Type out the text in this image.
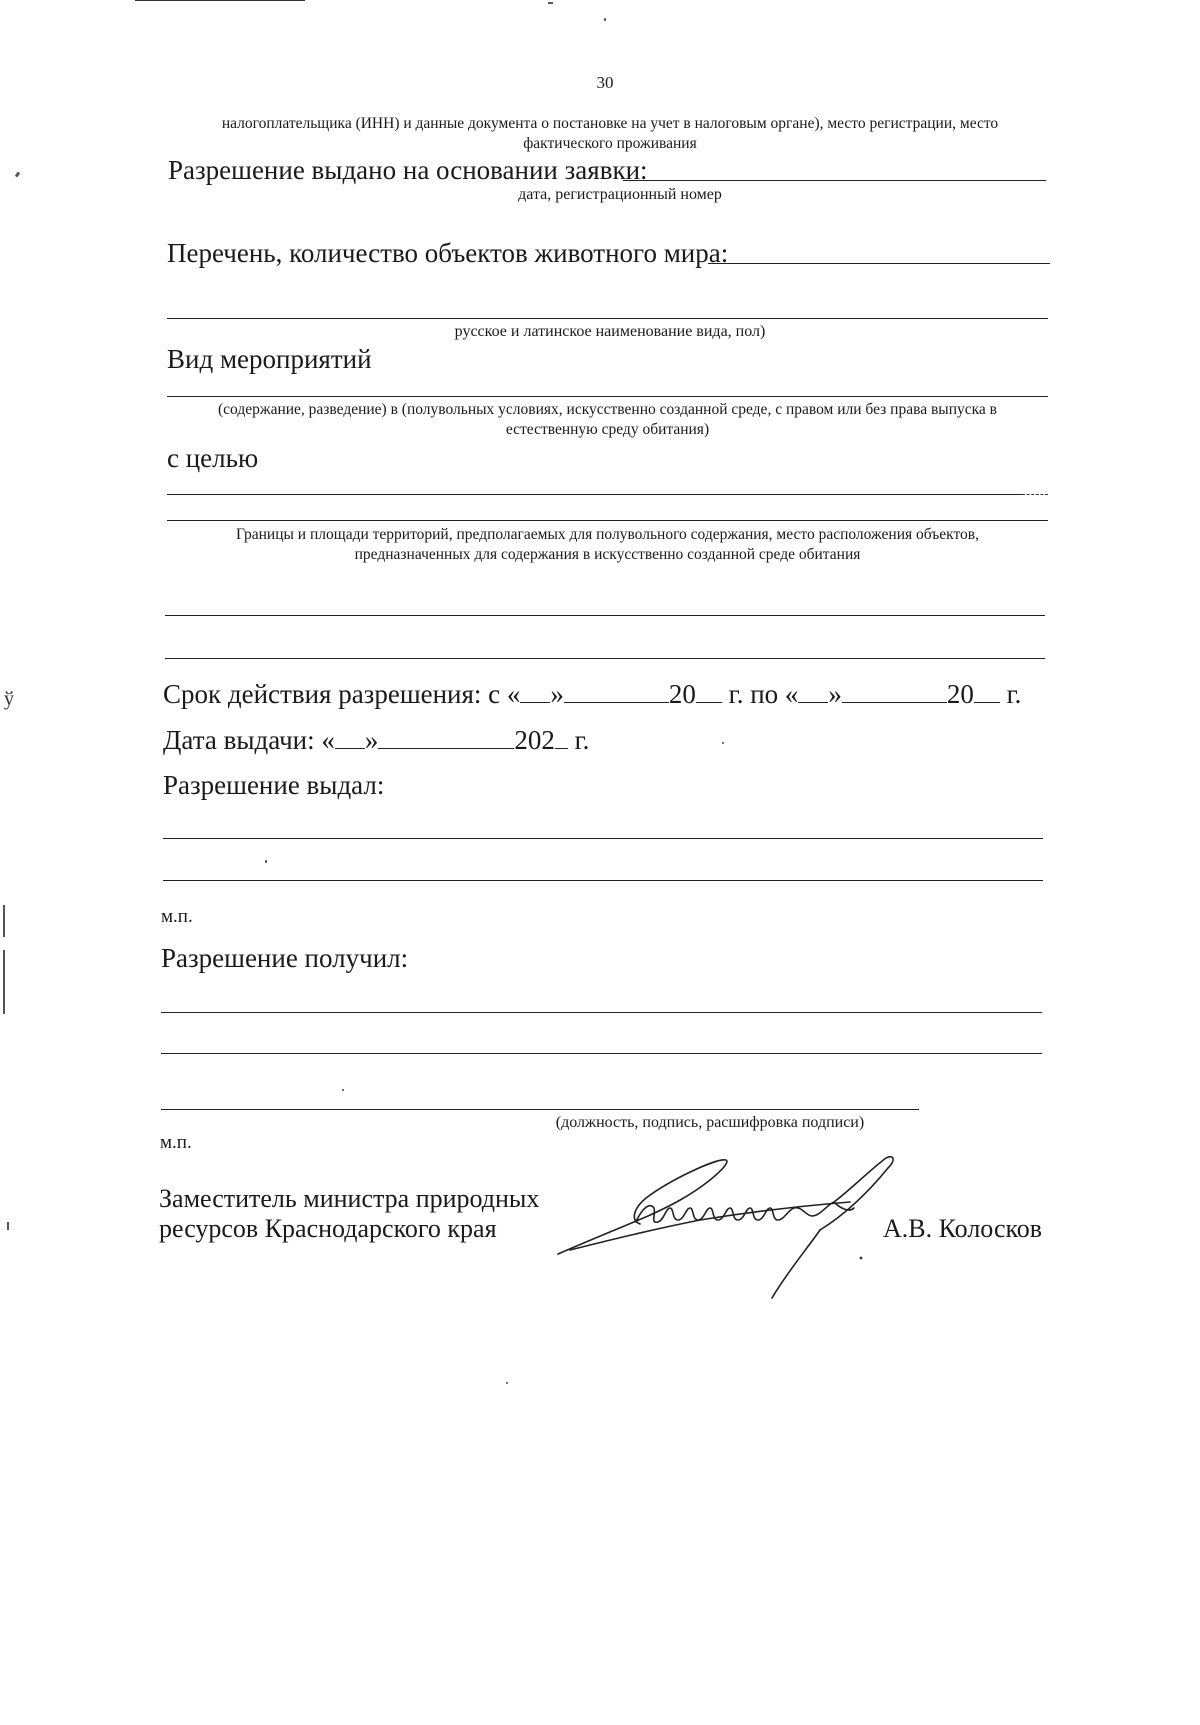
30
налогоплательщика (ИНН) и данные документа о постановке на учет в налоговым органе), место регистрации, место
фактического проживания
Разрешение выдано на основании заявки:
дата, регистрационный номер
Перечень, количество объектов животного мира:
русское и латинское наименование вида, пол)
Вид мероприятий
(содержание, разведение) в (полувольных условиях, искусственно созданной среде, с правом или без права выпуска в
естественную среду обитания)
с целью
Границы и площади территорий, предполагаемых для полувольного содержания, место расположения объектов,
предназначенных для содержания в искусственно созданной среде обитания
Срок действия разрешения: с « »	20 г. по « »	20 г.
Дата выдачи: « »	202 г.
Разрешение выдал:
м.п.
Разрешение получил:
(должность, подпись, расшифровка подписи)
м.п.
Заместитель министра природных
ресурсов Краснодарского края	А.В. Колосков
ў
